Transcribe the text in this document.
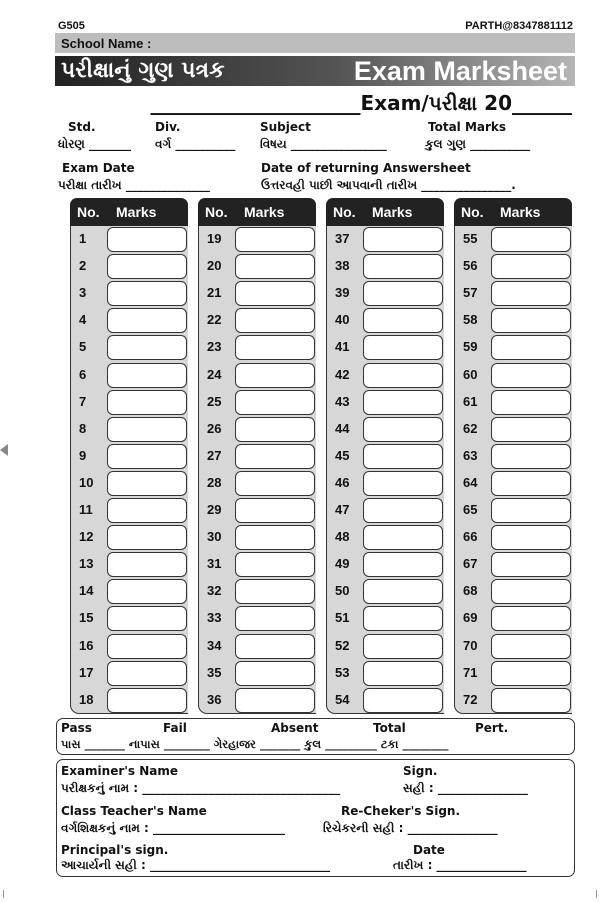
G505	PARTH@8347881112
School Name :
પરીક્ષાનું ગુણ પત્રક	Exam Marksheet
_____________________Exam/પરીક્ષા 20______
Std.
ધોરણ _______
Div.
વર્ગ __________
Subject
વિષય ________________
Total Marks
કુલ ગુણ __________
Exam Date
પરીક્ષા તારીખ ______________
Date of returning Answersheet
ઉત્તરવહી પાછી આપવાની તારીખ _______________.
No. Marks
1
2
3
4
5
6
7
8
9
10
11
12
13
14
15
16
17
18
No. Marks
19
20
21
22
23
24
25
26
27
28
29
30
31
32
33
34
35
36
No. Marks
37
38
39
40
41
42
43
44
45
46
47
48
49
50
51
52
53
54
No. Marks
55
56
57
58
59
60
61
62
63
64
65
66
67
68
69
70
71
72
Pass	Fail	Absent	Total	Pert.
પાસ _______ નાપાસ ________ ગેરહાજર _______ કુલ _________ ટકા ________
Examiner's Name
પરીક્ષકનું નામ : _________________________________
Sign.
સહી : _______________
Class Teacher's Name
વર્ગશિક્ષકનું નામ : ______________________
Re-Cheker's Sign.
રિચેકરની સહી : _______________
Principal's sign.
આચાર્યની સહી : ______________________________
Date
તારીખ : _______________
